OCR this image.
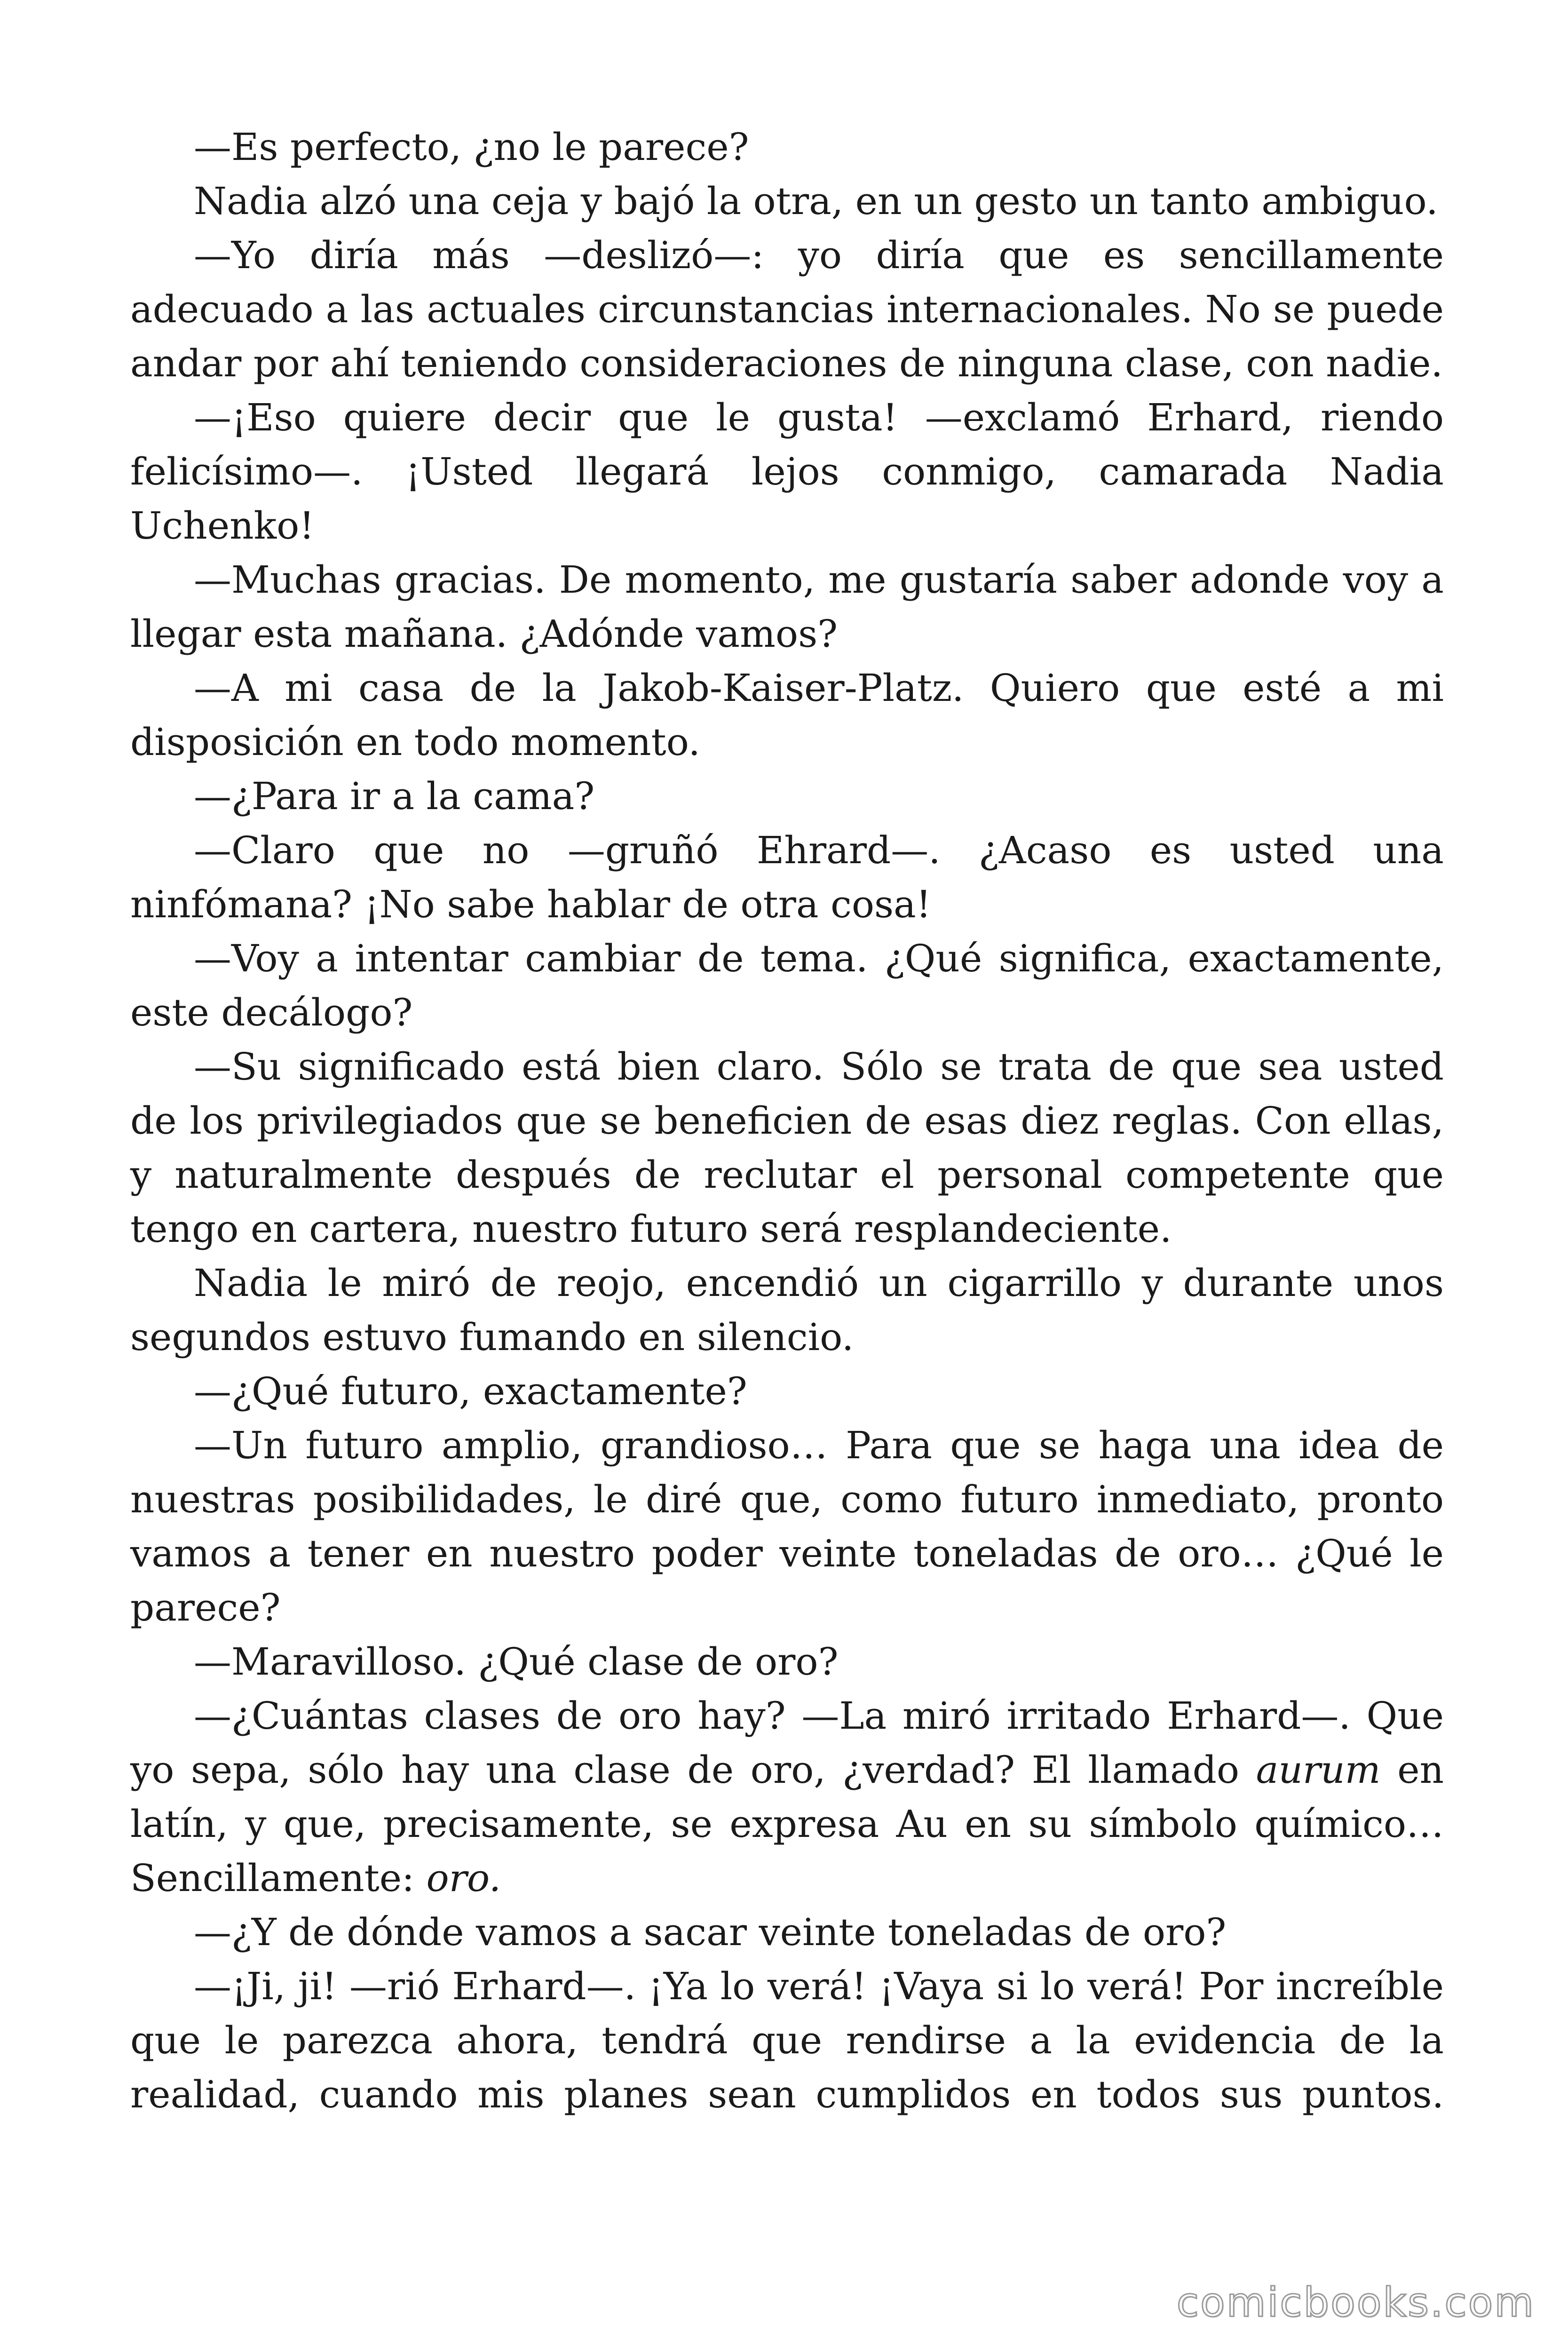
—Es perfecto, ¿no le parece?

Nadia alzó una ceja y bajó la otra, en un gesto un tanto ambiguo.

—Yo diría más —deslizó—: yo diría que es sencillamente adecuado a las actuales circunstancias internacionales. No se puede andar por ahí teniendo consideraciones de ninguna clase, con nadie.

—¡Eso quiere decir que le gusta! —exclamó Erhard, riendo felicísimo—. ¡Usted llegará lejos conmigo, camarada Nadia Uchenko!

—Muchas gracias. De momento, me gustaría saber adonde voy a llegar esta mañana. ¿Adónde vamos?

—A mi casa de la Jakob-Kaiser-Platz. Quiero que esté a mi disposición en todo momento.

—¿Para ir a la cama?

—Claro que no —gruñó Ehrard—. ¿Acaso es usted una ninfómana? ¡No sabe hablar de otra cosa!

—Voy a intentar cambiar de tema. ¿Qué significa, exactamente, este decálogo?

—Su significado está bien claro. Sólo se trata de que sea usted de los privilegiados que se beneficien de esas diez reglas. Con ellas, y naturalmente después de reclutar el personal competente que tengo en cartera, nuestro futuro será resplandeciente.

Nadia le miró de reojo, encendió un cigarrillo y durante unos segundos estuvo fumando en silencio.

—¿Qué futuro, exactamente?

—Un futuro amplio, grandioso… Para que se haga una idea de nuestras posibilidades, le diré que, como futuro inmediato, pronto vamos a tener en nuestro poder veinte toneladas de oro… ¿Qué le parece?

—Maravilloso. ¿Qué clase de oro?

—¿Cuántas clases de oro hay? —La miró irritado Erhard—. Que yo sepa, sólo hay una clase de oro, ¿verdad? El llamado aurum en latín, y que, precisamente, se expresa Au en su símbolo químico… Sencillamente: oro.

—¿Y de dónde vamos a sacar veinte toneladas de oro?

—¡Ji, ji! —rió Erhard—. ¡Ya lo verá! ¡Vaya si lo verá! Por increíble que le parezca ahora, tendrá que rendirse a la evidencia de la realidad, cuando mis planes sean cumplidos en todos sus puntos.

comicbooks.com
